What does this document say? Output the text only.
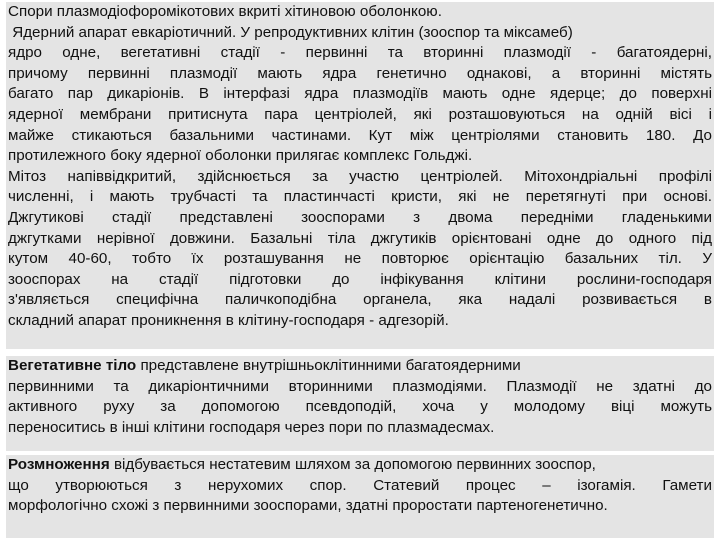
Спори плазмодіофоромікотових вкриті хітиновою оболонкою.
Ядерний апарат евкаріотичний. У репродуктивних клітин (зооспор та міксамеб)
ядро одне, вегетативні стадії - первинні та вторинні плазмодії - багатоядерні,
причому первинні плазмодії мають ядра генетично однакові, а вторинні містять
багато пар дикаріонів. В інтерфазі ядра плазмодіїв мають одне ядерце; до поверхні
ядерної мембрани притиснута пара центріолей, які розташовуються на одній вісі і
майже стикаються базальними частинами. Кут між центріолями становить 180. До
протилежного боку ядерної оболонки прилягає комплекс Гольджі.
Мітоз напіввідкритий, здійснюється за участю центріолей. Мітохондріальні профілі
численні, і мають трубчасті та пластинчасті кристи, які не перетягнуті при основі.
Джгутикові стадії представлені зооспорами з двома передніми гладенькими
джгутками нерівної довжини. Базальні тіла джгутиків орієнтовані одне до одного під
кутом 40-60, тобто їх розташування не повторює орієнтацію базальних тіл. У
зооспорах на стадії підготовки до інфікування клітини рослини-господаря
з'являється специфічна паличкоподібна органела, яка надалі розвивається в
складний апарат проникнення в клітину-господаря - адгезорій.
Вегетативне тіло представлене внутрішньоклітинними багатоядерними
первинними та дикаріонтичними вторинними плазмодіями. Плазмодії не здатні до
активного руху за допомогою псевдоподій, хоча у молодому віці можуть
переноситись в інші клітини господаря через пори по плазмадесмах.
Розмноження відбувається нестатевим шляхом за допомогою первинних зооспор,
що утворюються з нерухомих спор. Статевий процес – ізогамія. Гамети
морфологічно схожі з первинними зооспорами, здатні проростати партеногенетично.
